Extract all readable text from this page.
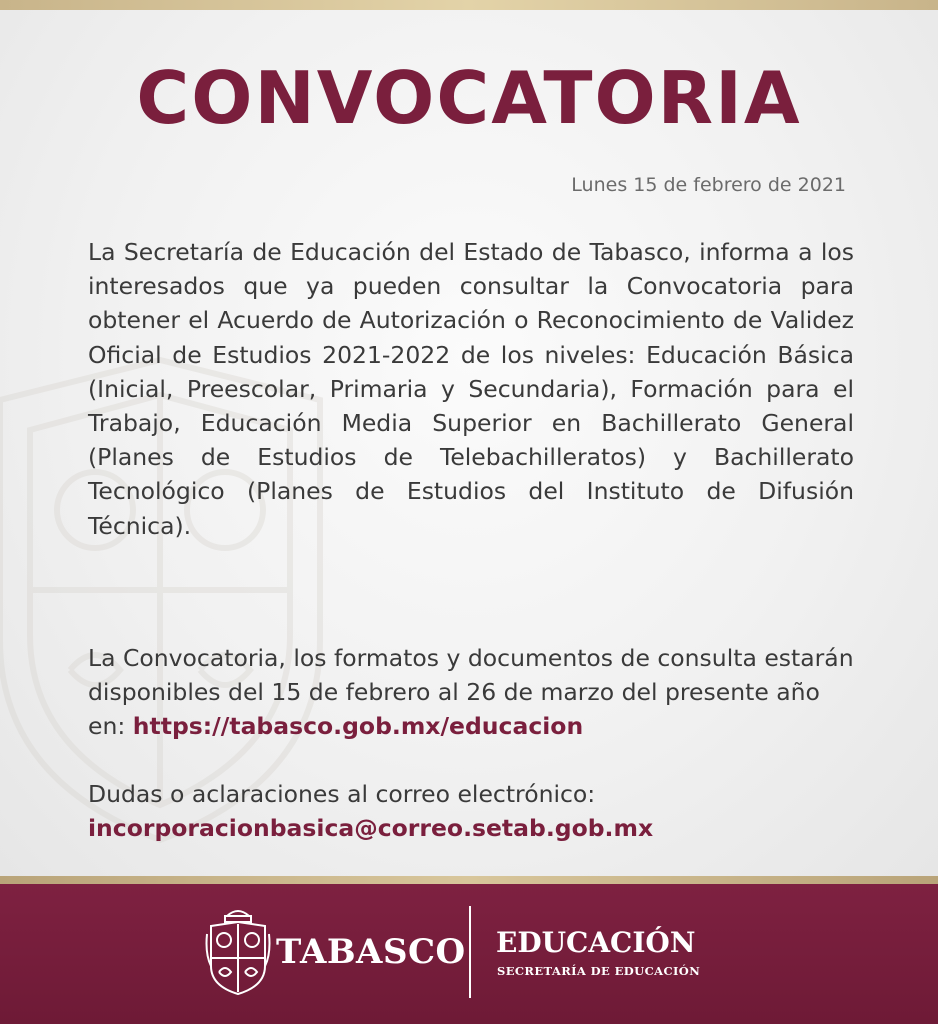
CONVOCATORIA
Lunes 15 de febrero de 2021

La Secretaría de Educación del Estado de Tabasco, informa a los interesados que ya pueden consultar la Convocatoria para obtener el Acuerdo de Autorización o Reconocimiento de Validez Oficial de Estudios 2021-2022 de los niveles: Educación Básica (Inicial, Preescolar, Primaria y Secundaria), Formación para el Trabajo, Educación Media Superior en Bachillerato General (Planes de Estudios de Telebachilleratos) y Bachillerato Tecnológico (Planes de Estudios del Instituto de Difusión Técnica).

La Convocatoria, los formatos y documentos de consulta estarán disponibles del 15 de febrero al 26 de marzo del presente año en: https://tabasco.gob.mx/educacion

Dudas o aclaraciones al correo electrónico:
incorporacionbasica@correo.setab.gob.mx

TABASCO EDUCACIÓN
SECRETARÍA DE EDUCACIÓN
